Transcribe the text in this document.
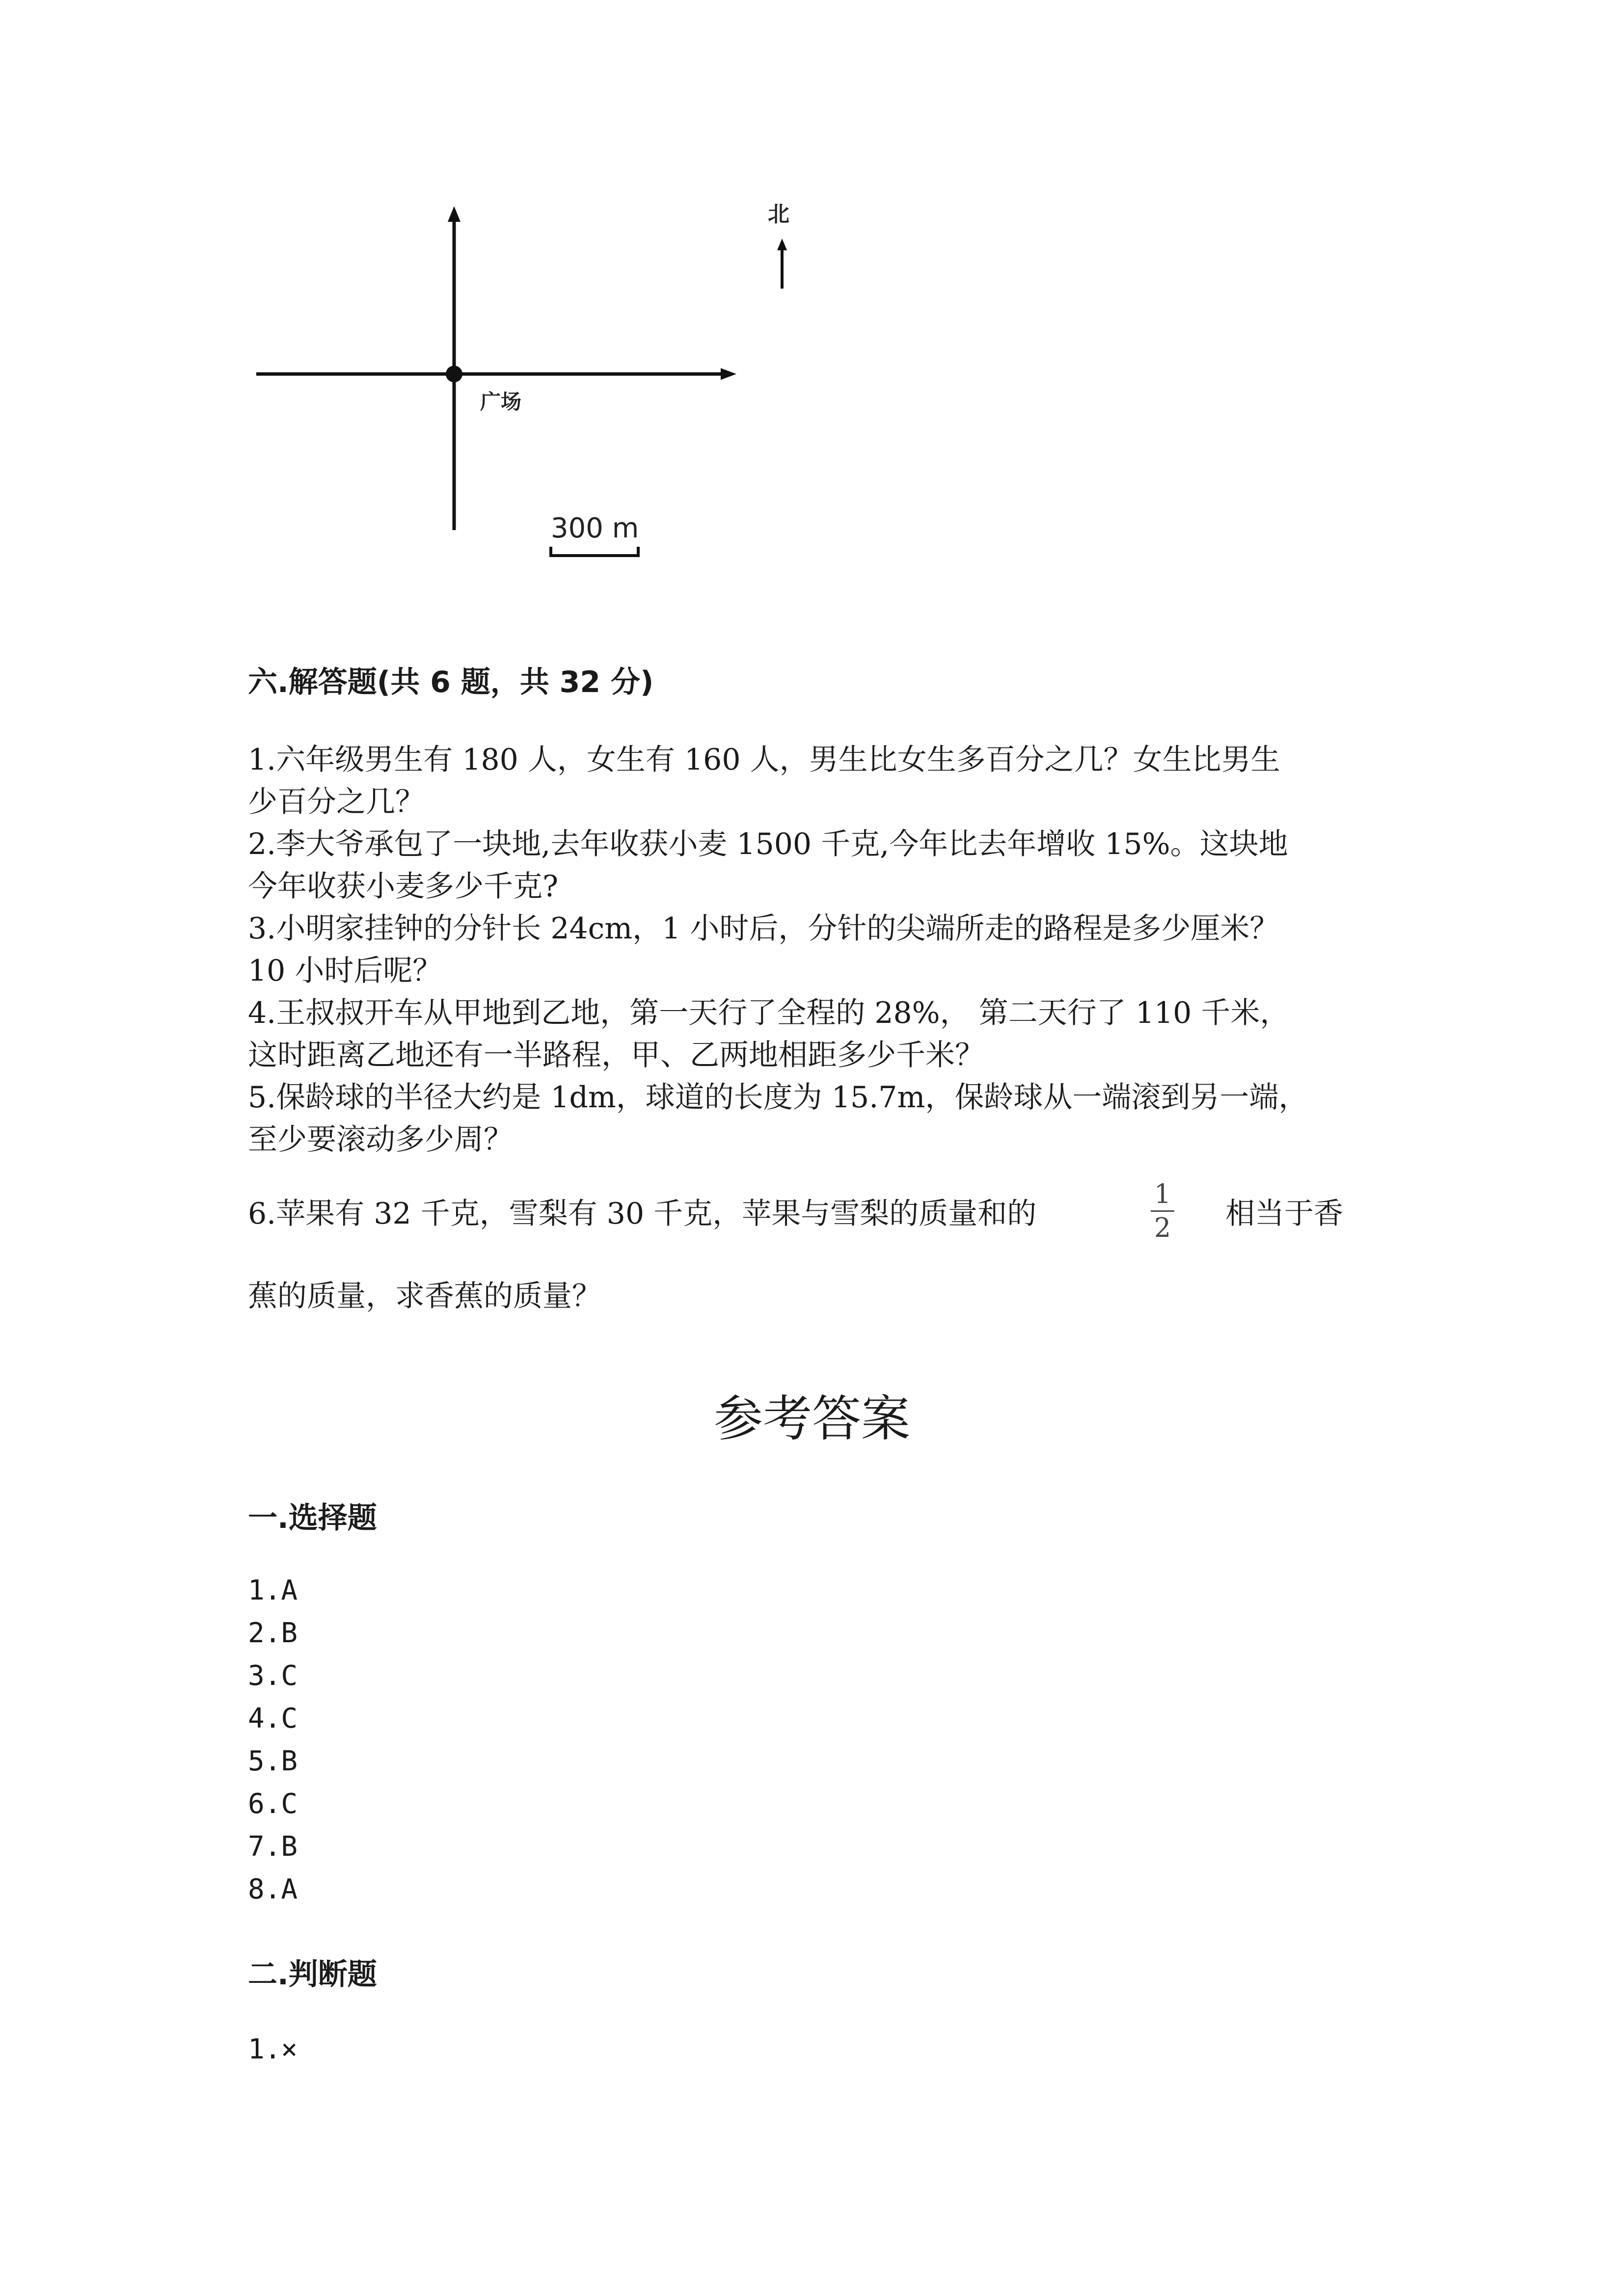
北
广场
300 m
六.解答题(共 6 题，共 32 分)
1.六年级男生有 180 人，女生有 160 人，男生比女生多百分之几？女生比男生
少百分之几？
2.李大爷承包了一块地,去年收获小麦 1500 千克,今年比去年增收 15%。这块地
今年收获小麦多少千克?
3.小明家挂钟的分针长 24cm，1 小时后，分针的尖端所走的路程是多少厘米？
10 小时后呢？
4.王叔叔开车从甲地到乙地，第一天行了全程的 28%， 第二天行了 110 千米，
这时距离乙地还有一半路程，甲、乙两地相距多少千米？
5.保龄球的半径大约是 1dm，球道的长度为 15.7m，保龄球从一端滚到另一端，
至少要滚动多少周？
6.苹果有 32 千克，雪梨有 30 千克，苹果与雪梨的质量和的
1
2 相当于香
蕉的质量，求香蕉的质量？
参考答案
一.选择题
1.A
2.B
3.C
4.C
5.B
6.C
7.B
8.A
二.判断题
1.×
